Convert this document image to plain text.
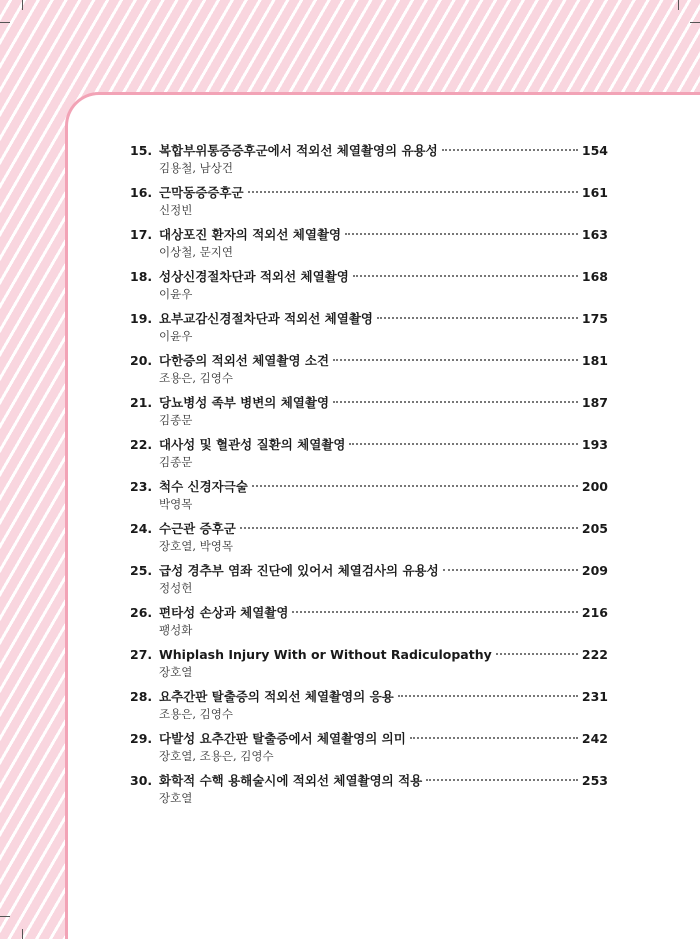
15. 복합부위통증증후군에서 적외선 체열촬영의 유용성	154
김용철, 남상건
16. 근막동증증후군	161
신정빈
17. 대상포진 환자의 적외선 체열촬영	163
이상철, 문지연
18. 성상신경절차단과 적외선 체열촬영	168
이윤우
19. 요부교감신경절차단과 적외선 체열촬영	175
이윤우
20. 다한증의 적외선 체열촬영 소견	181
조용은, 김영수
21. 당뇨병성 족부 병변의 체열촬영	187
김종문
22. 대사성 및 혈관성 질환의 체열촬영	193
김종문
23. 척수 신경자극술	200
박영목
24. 수근관 증후군	205
장호열, 박영목
25. 급성 경추부 염좌 진단에 있어서 체열검사의 유용성	209
정성헌
26. 편타성 손상과 체열촬영	216
팽성화
27. Whiplash Injury With or Without Radiculopathy	222
장호열
28. 요추간판 탈출증의 적외선 체열촬영의 응용	231
조용은, 김영수
29. 다발성 요추간판 탈출증에서 체열촬영의 의미	242
장호열, 조용은, 김영수
30. 화학적 수핵 용해술시에 적외선 체열촬영의 적용	253
장호열
